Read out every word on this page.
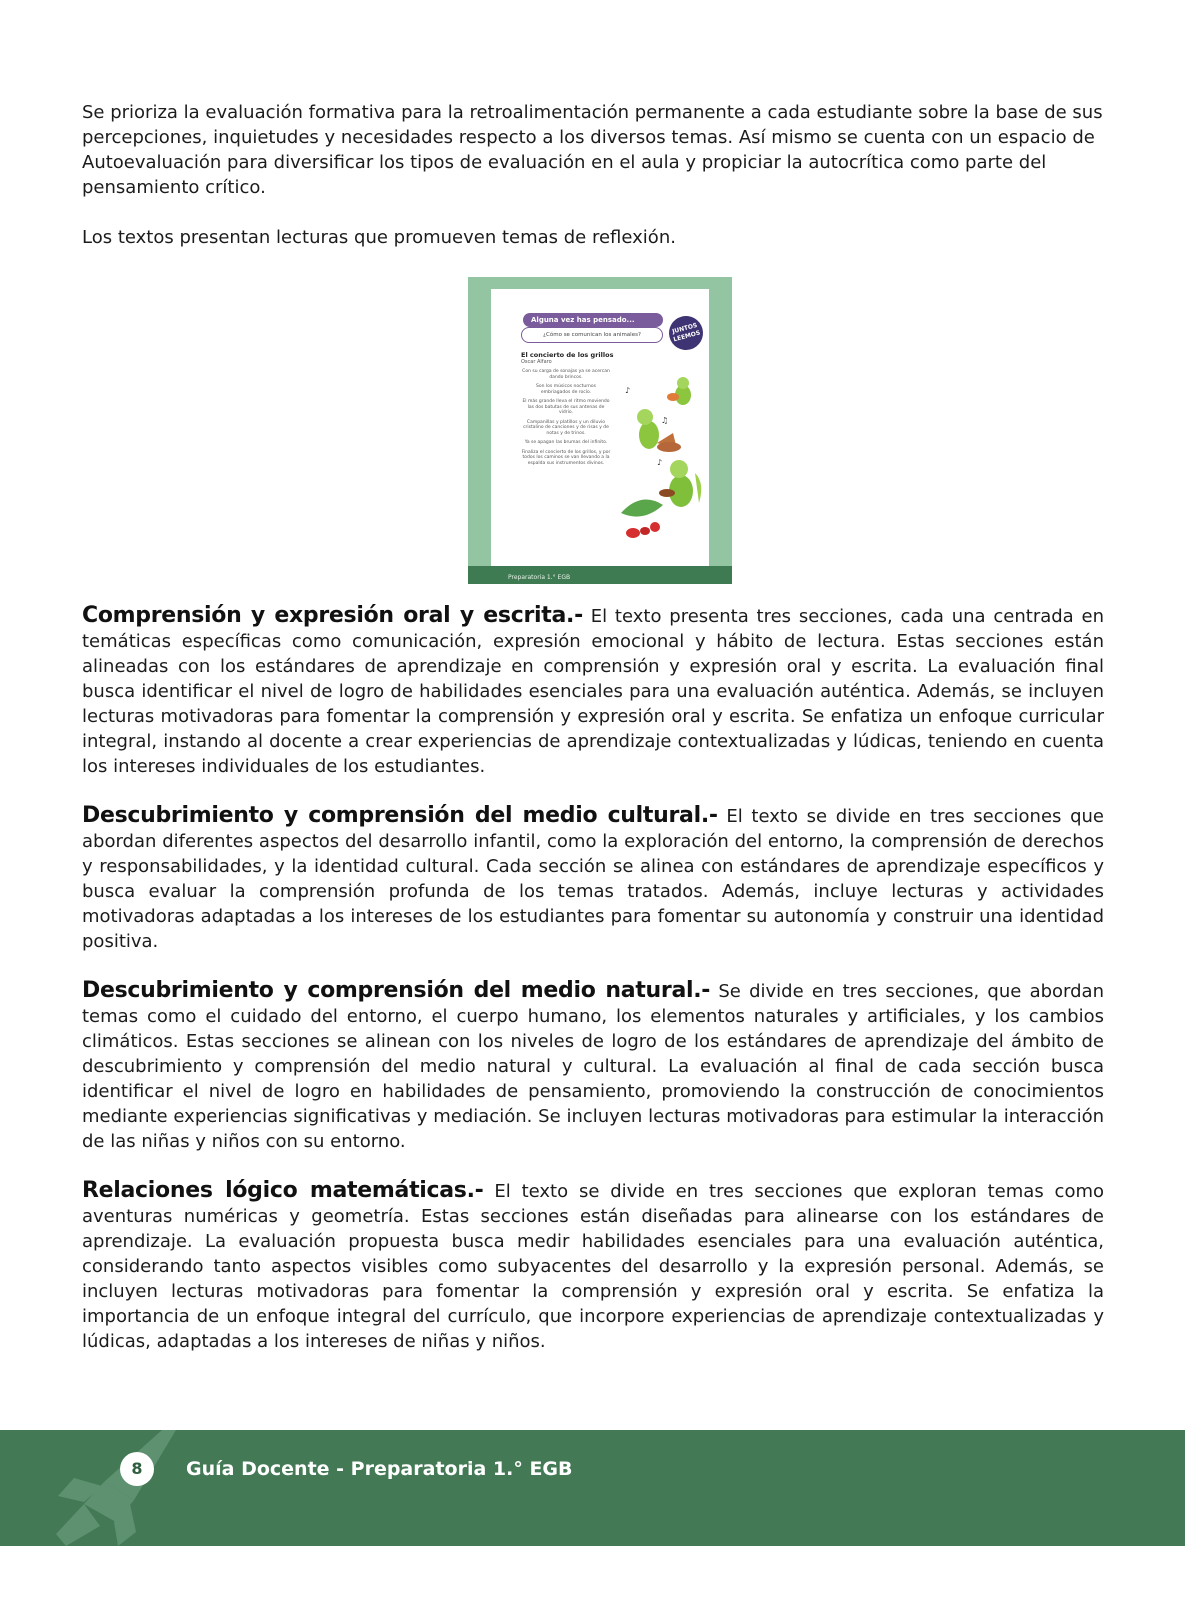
Se prioriza la evaluación formativa para la retroalimentación permanente a cada estudiante sobre la base de sus percepciones, inquietudes y necesidades respecto a los diversos temas. Así mismo se cuenta con un espacio de Autoevaluación para diversificar los tipos de evaluación en el aula y propiciar la autocrítica como parte del pensamiento crítico.

Los textos presentan lecturas que promueven temas de reflexión.

Comprensión y expresión oral y escrita.- El texto presenta tres secciones, cada una centrada en temáticas específicas como comunicación, expresión emocional y hábito de lectura. Estas secciones están alineadas con los estándares de aprendizaje en comprensión y expresión oral y escrita. La evaluación final busca identificar el nivel de logro de habilidades esenciales para una evaluación auténtica. Además, se incluyen lecturas motivadoras para fomentar la comprensión y expresión oral y escrita. Se enfatiza un enfoque curricular integral, instando al docente a crear experiencias de aprendizaje contextualizadas y lúdicas, teniendo en cuenta los intereses individuales de los estudiantes.
Descubrimiento y comprensión del medio cultural.- El texto se divide en tres secciones que abordan diferentes aspectos del desarrollo infantil, como la exploración del entorno, la comprensión de derechos y responsabilidades, y la identidad cultural. Cada sección se alinea con estándares de aprendizaje específicos y busca evaluar la comprensión profunda de los temas tratados. Además, incluye lecturas y actividades motivadoras adaptadas a los intereses de los estudiantes para fomentar su autonomía y construir una identidad positiva.
Descubrimiento y comprensión del medio natural.- Se divide en tres secciones, que abordan temas como el cuidado del entorno, el cuerpo humano, los elementos naturales y artificiales, y los cambios climáticos. Estas secciones se alinean con los niveles de logro de los estándares de aprendizaje del ámbito de descubrimiento y comprensión del medio natural y cultural. La evaluación al final de cada sección busca identificar el nivel de logro en habilidades de pensamiento, promoviendo la construcción de conocimientos mediante experiencias significativas y mediación. Se incluyen lecturas motivadoras para estimular la interacción de las niñas y niños con su entorno.
Relaciones lógico matemáticas.- El texto se divide en tres secciones que exploran temas como aventuras numéricas y geometría. Estas secciones están diseñadas para alinearse con los estándares de aprendizaje. La evaluación propuesta busca medir habilidades esenciales para una evaluación auténtica, considerando tanto aspectos visibles como subyacentes del desarrollo y la expresión personal. Además, se incluyen lecturas motivadoras para fomentar la comprensión y expresión oral y escrita. Se enfatiza la importancia de un enfoque integral del currículo, que incorpore experiencias de aprendizaje contextualizadas y lúdicas, adaptadas a los intereses de niñas y niños.
Alguna vez has pensado...
¿Cómo se comunican los animales?	JUNTOS LEEMOS
El concierto de los grillos
Oscar Alfaro
Con su carga de sonajas ya se acercan dando brincos.
Son los músicos nocturnos embriagados de rocío.
El más grande lleva el ritmo moviendo las dos batutas de sus antenas de vidrio.
Campanillas y platillos y un diluvio cristalino de canciones y de risas y de notas y de trinos.
Ya se apagan las brumas del infinito.
Finaliza el concierto de los grillos, y por todos los caminos se van llevando a la espalda sus instrumentos divinos.
♪
♫
♪
Preparatoria 1.° EGB
8	Guía Docente - Preparatoria 1.° EGB
